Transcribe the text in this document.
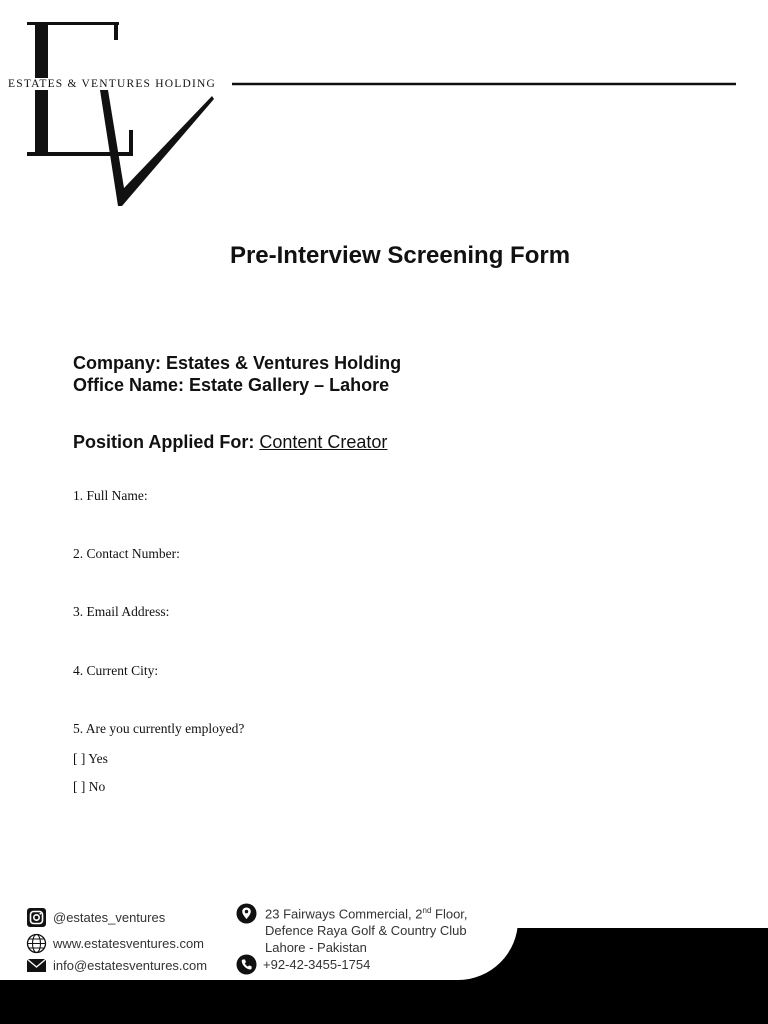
ESTATES & VENTURES HOLDING
Pre-Interview Screening Form
Company: Estates & Ventures Holding
Office Name: Estate Gallery – Lahore
Position Applied For: Content Creator
1. Full Name:
2. Contact Number:
3. Email Address:
4. Current City:
5. Are you currently employed?
[ ] Yes
[ ] No
@estates_ventures
www.estatesventures.com
info@estatesventures.com
23 Fairways Commercial, 2nd Floor,
Defence Raya Golf & Country Club
Lahore - Pakistan
+92-42-3455-1754
